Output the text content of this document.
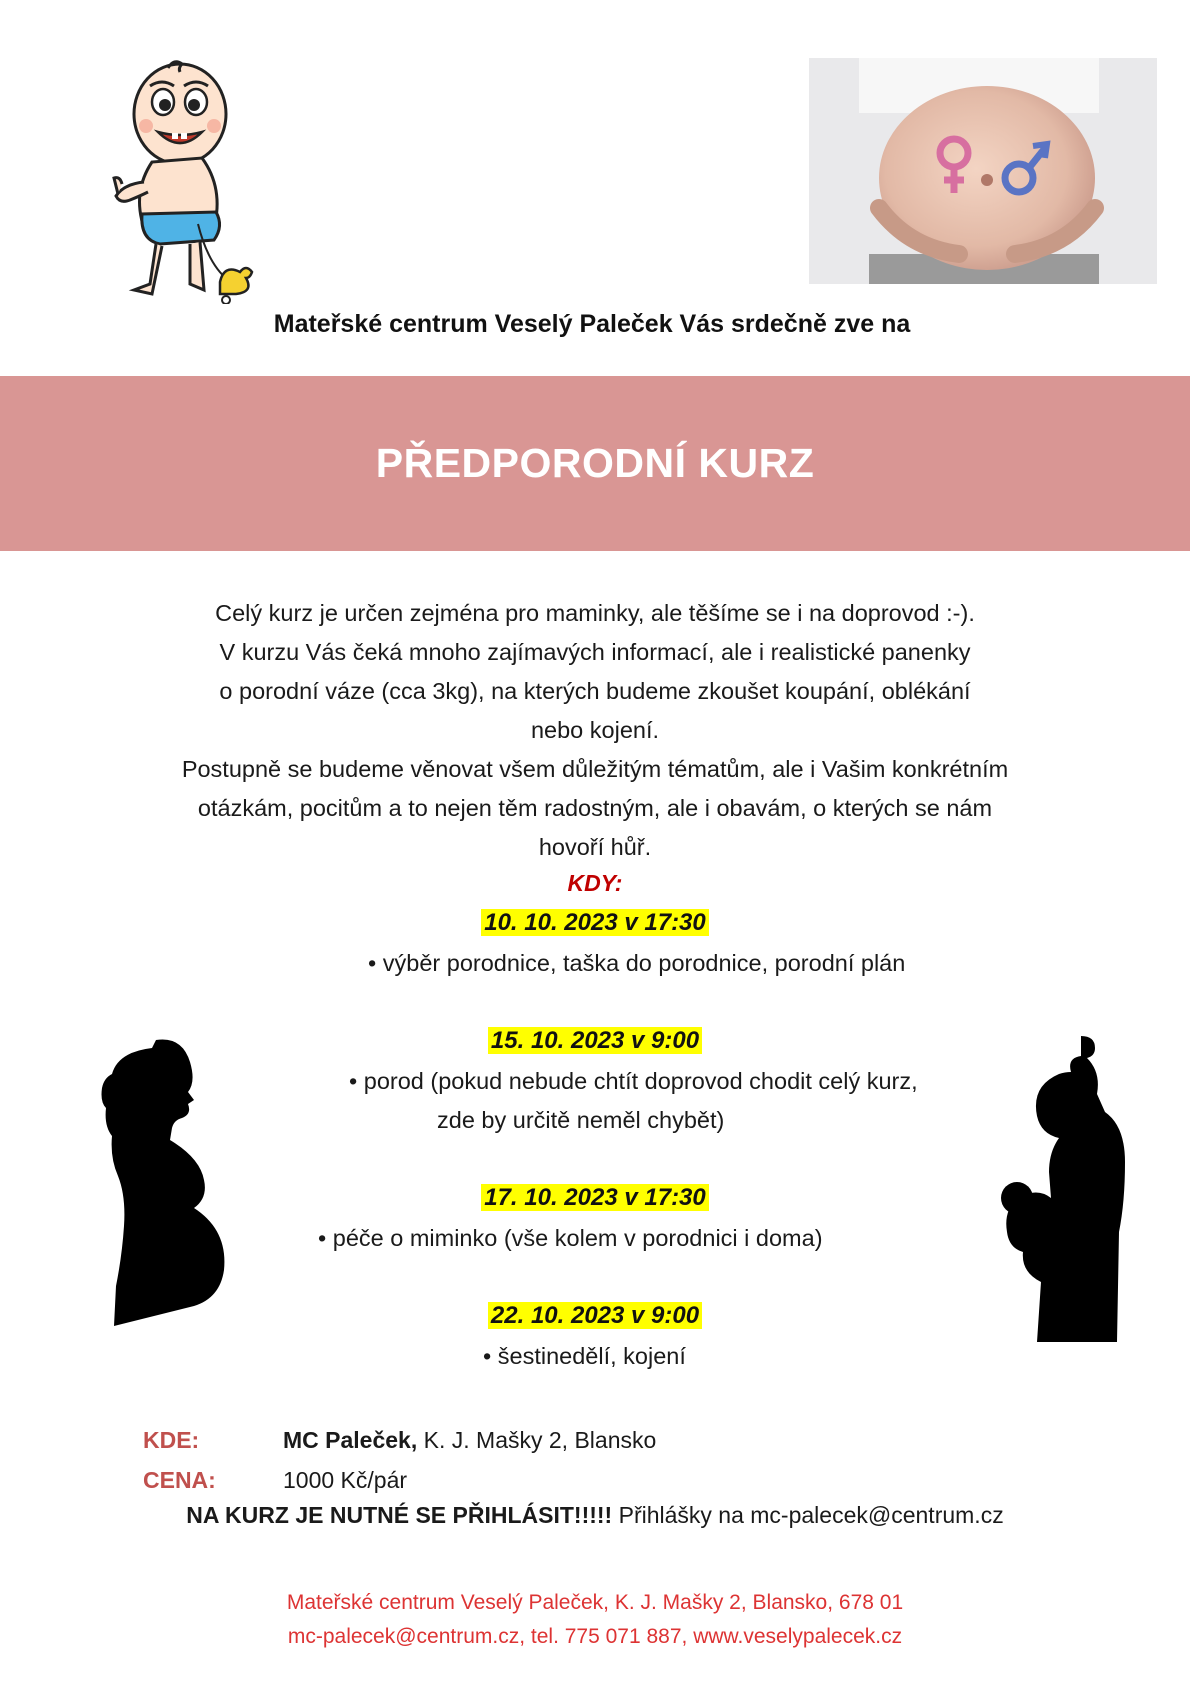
Mateřské centrum Veselý Paleček Vás srdečně zve na
PŘEDPORODNÍ KURZ

Celý kurz je určen zejména pro maminky, ale těšíme se i na doprovod :-).

V kurzu Vás čeká mnoho zajímavých informací, ale i realistické panenky

o porodní váze (cca 3kg), na kterých budeme zkoušet koupání, oblékání

nebo kojení.

Postupně se budeme věnovat všem důležitým tématům, ale i Vašim konkrétním

otázkám, pocitům a to nejen těm radostným, ale i obavám, o kterých se nám

hovoří hůř.

KDY:
10. 10. 2023 v 17:30
• výběr porodnice, taška do porodnice, porodní plán
15. 10. 2023 v 9:00
• porod (pokud nebude chtít doprovod chodit celý kurz,
zde by určitě neměl chybět)
17. 10. 2023 v 17:30
• péče o miminko (vše kolem v porodnici i doma)
22. 10. 2023 v 9:00
• šestinedělí, kojení
KDE:	MC Paleček, K. J. Mašky 2, Blansko
CENA:	1000 Kč/pár
NA KURZ JE NUTNÉ SE PŘIHLÁSIT!!!!! Přihlášky na mc-palecek@centrum.cz
Mateřské centrum Veselý Paleček, K. J. Mašky 2, Blansko, 678 01
mc-palecek@centrum.cz, tel. 775 071 887, www.veselypalecek.cz
